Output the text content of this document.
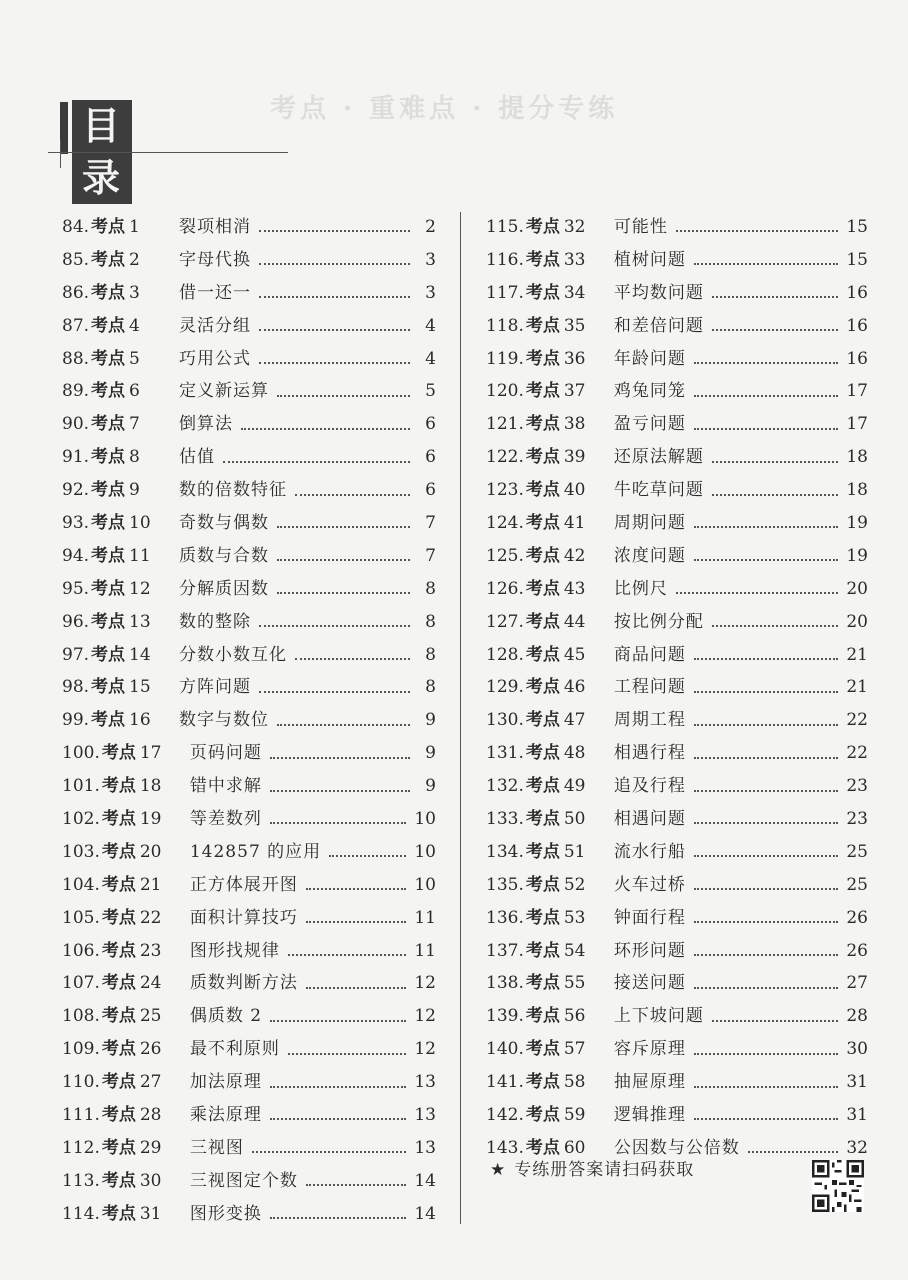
考点 · 重难点 · 提分专练
目录
84. 考点 1	裂项相消	2
85. 考点 2	字母代换	3
86. 考点 3	借一还一	3
87. 考点 4	灵活分组	4
88. 考点 5	巧用公式	4
89. 考点 6	定义新运算	5
90. 考点 7	倒算法	6
91. 考点 8	估值	6
92. 考点 9	数的倍数特征	6
93. 考点 10	奇数与偶数	7
94. 考点 11	质数与合数	7
95. 考点 12	分解质因数	8
96. 考点 13	数的整除	8
97. 考点 14	分数小数互化	8
98. 考点 15	方阵问题	8
99. 考点 16	数字与数位	9
100. 考点 17	页码问题	9
101. 考点 18	错中求解	9
102. 考点 19	等差数列	10
103. 考点 20	142857 的应用	10
104. 考点 21	正方体展开图	10
105. 考点 22	面积计算技巧	11
106. 考点 23	图形找规律	11
107. 考点 24	质数判断方法	12
108. 考点 25	偶质数 2	12
109. 考点 26	最不利原则	12
110. 考点 27	加法原理	13
111. 考点 28	乘法原理	13
112. 考点 29	三视图	13
113. 考点 30	三视图定个数	14
114. 考点 31	图形变换	14
115. 考点 32	可能性	15
116. 考点 33	植树问题	15
117. 考点 34	平均数问题	16
118. 考点 35	和差倍问题	16
119. 考点 36	年龄问题	16
120. 考点 37	鸡兔同笼	17
121. 考点 38	盈亏问题	17
122. 考点 39	还原法解题	18
123. 考点 40	牛吃草问题	18
124. 考点 41	周期问题	19
125. 考点 42	浓度问题	19
126. 考点 43	比例尺	20
127. 考点 44	按比例分配	20
128. 考点 45	商品问题	21
129. 考点 46	工程问题	21
130. 考点 47	周期工程	22
131. 考点 48	相遇行程	22
132. 考点 49	追及行程	23
133. 考点 50	相遇问题	23
134. 考点 51	流水行船	25
135. 考点 52	火车过桥	25
136. 考点 53	钟面行程	26
137. 考点 54	环形问题	26
138. 考点 55	接送问题	27
139. 考点 56	上下坡问题	28
140. 考点 57	容斥原理	30
141. 考点 58	抽屉原理	31
142. 考点 59	逻辑推理	31
143. 考点 60	公因数与公倍数	32
★ 专练册答案请扫码获取
